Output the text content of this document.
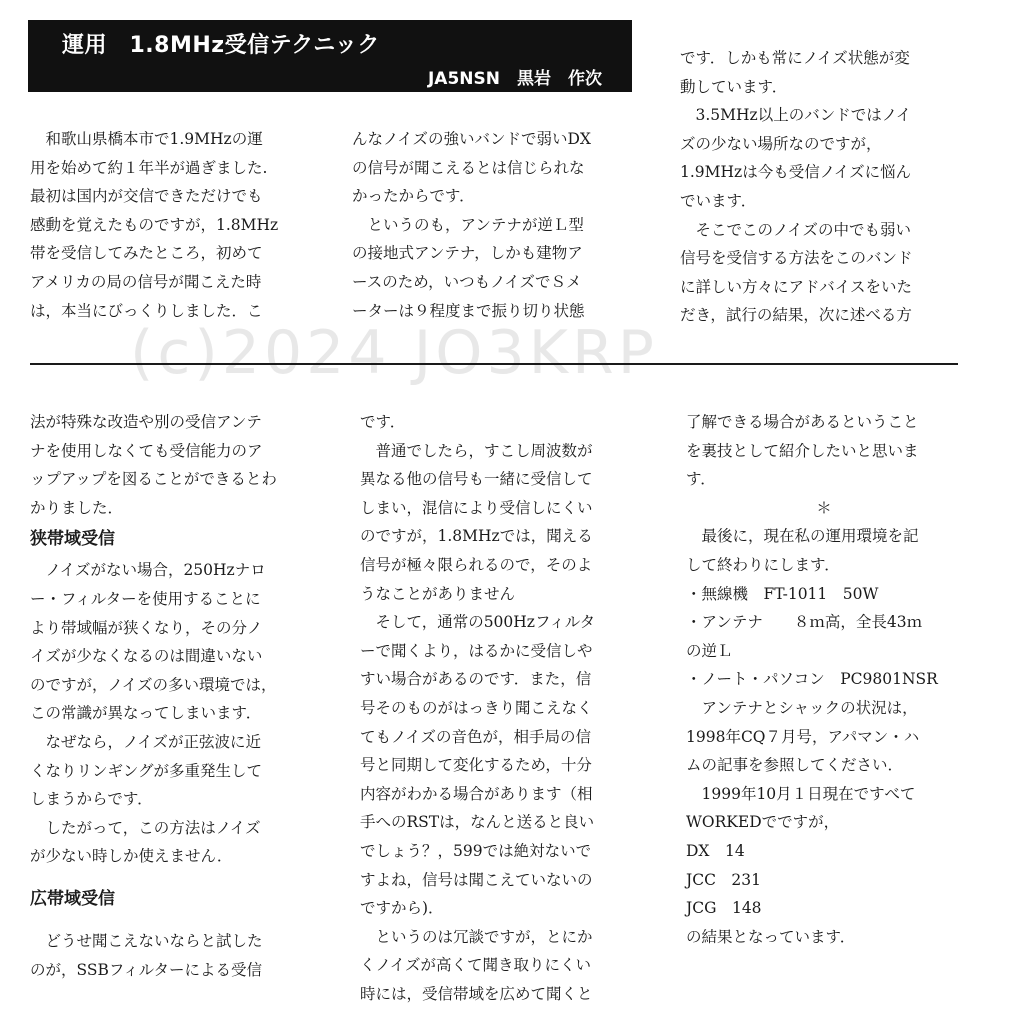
運用　1.8MHz受信テクニック
JA5NSN　黒岩　作次

　和歌山県橋本市で1.9MHzの運

用を始めて約１年半が過ぎました.

最初は国内が交信できただけでも

感動を覚えたものですが，1.8MHz

帯を受信してみたところ，初めて

アメリカの局の信号が聞こえた時

は，本当にびっくりしました．こ

んなノイズの強いバンドで弱いDX

の信号が聞こえるとは信じられな

かったからです．

　というのも，アンテナが逆Ｌ型

の接地式アンテナ，しかも建物ア

ースのため，いつもノイズでＳメ

ーターは９程度まで振り切り状態

です．しかも常にノイズ状態が変

動しています．

　3.5MHz以上のバンドではノイ

ズの少ない場所なのですが，

1.9MHzは今も受信ノイズに悩ん

でいます．

　そこでこのノイズの中でも弱い

信号を受信する方法をこのバンド

に詳しい方々にアドバイスをいた

だき，試行の結果，次に述べる方

(c)2024 JO3KRP

法が特殊な改造や別の受信アンテ

ナを使用しなくても受信能力のア

ップアップを図ることができるとわ

かりました．

狭帯域受信

　ノイズがない場合，250Hzナロ

ー・フィルターを使用することに

より帯域幅が狭くなり，その分ノ

イズが少なくなるのは間違いない

のですが，ノイズの多い環境では，

この常識が異なってしまいます．

　なぜなら，ノイズが正弦波に近

くなりリンギングが多重発生して

しまうからです．

　したがって，この方法はノイズ

が少ない時しか使えません．

広帯域受信

　どうせ聞こえないならと試した

のが，SSBフィルターによる受信

です．

　普通でしたら，すこし周波数が

異なる他の信号も一緒に受信して

しまい，混信により受信しにくい

のですが，1.8MHzでは，聞える

信号が極々限られるので，そのよ

うなことがありません

　そして，通常の500Hzフィルタ

ーで聞くより，はるかに受信しや

すい場合があるのです．また，信

号そのものがはっきり聞こえなく

てもノイズの音色が，相手局の信

号と同期して変化するため，十分

内容がわかる場合があります（相

手へのRSTは，なんと送ると良い

でしょう？，599では絶対ないで

すよね，信号は聞こえていないの

ですから)．

　というのは冗談ですが，とにか

くノイズが高くて聞き取りにくい

時には，受信帯域を広めて聞くと

了解できる場合があるということ

を裏技として紹介したいと思いま

す．

＊

　最後に，現在私の運用環境を記

して終わりにします．

・無線機　FT-1011　50W

・アンテナ　　８ｍ高，全長43ｍ

の逆Ｌ

・ノート・パソコン　PC9801NSR

　アンテナとシャックの状況は，

1998年CQ７月号，アパマン・ハ

ムの記事を参照してください．

　1999年10月１日現在ですべて

WORKEDでですが，

DX　14

JCC　231

JCG　148

の結果となっています．
